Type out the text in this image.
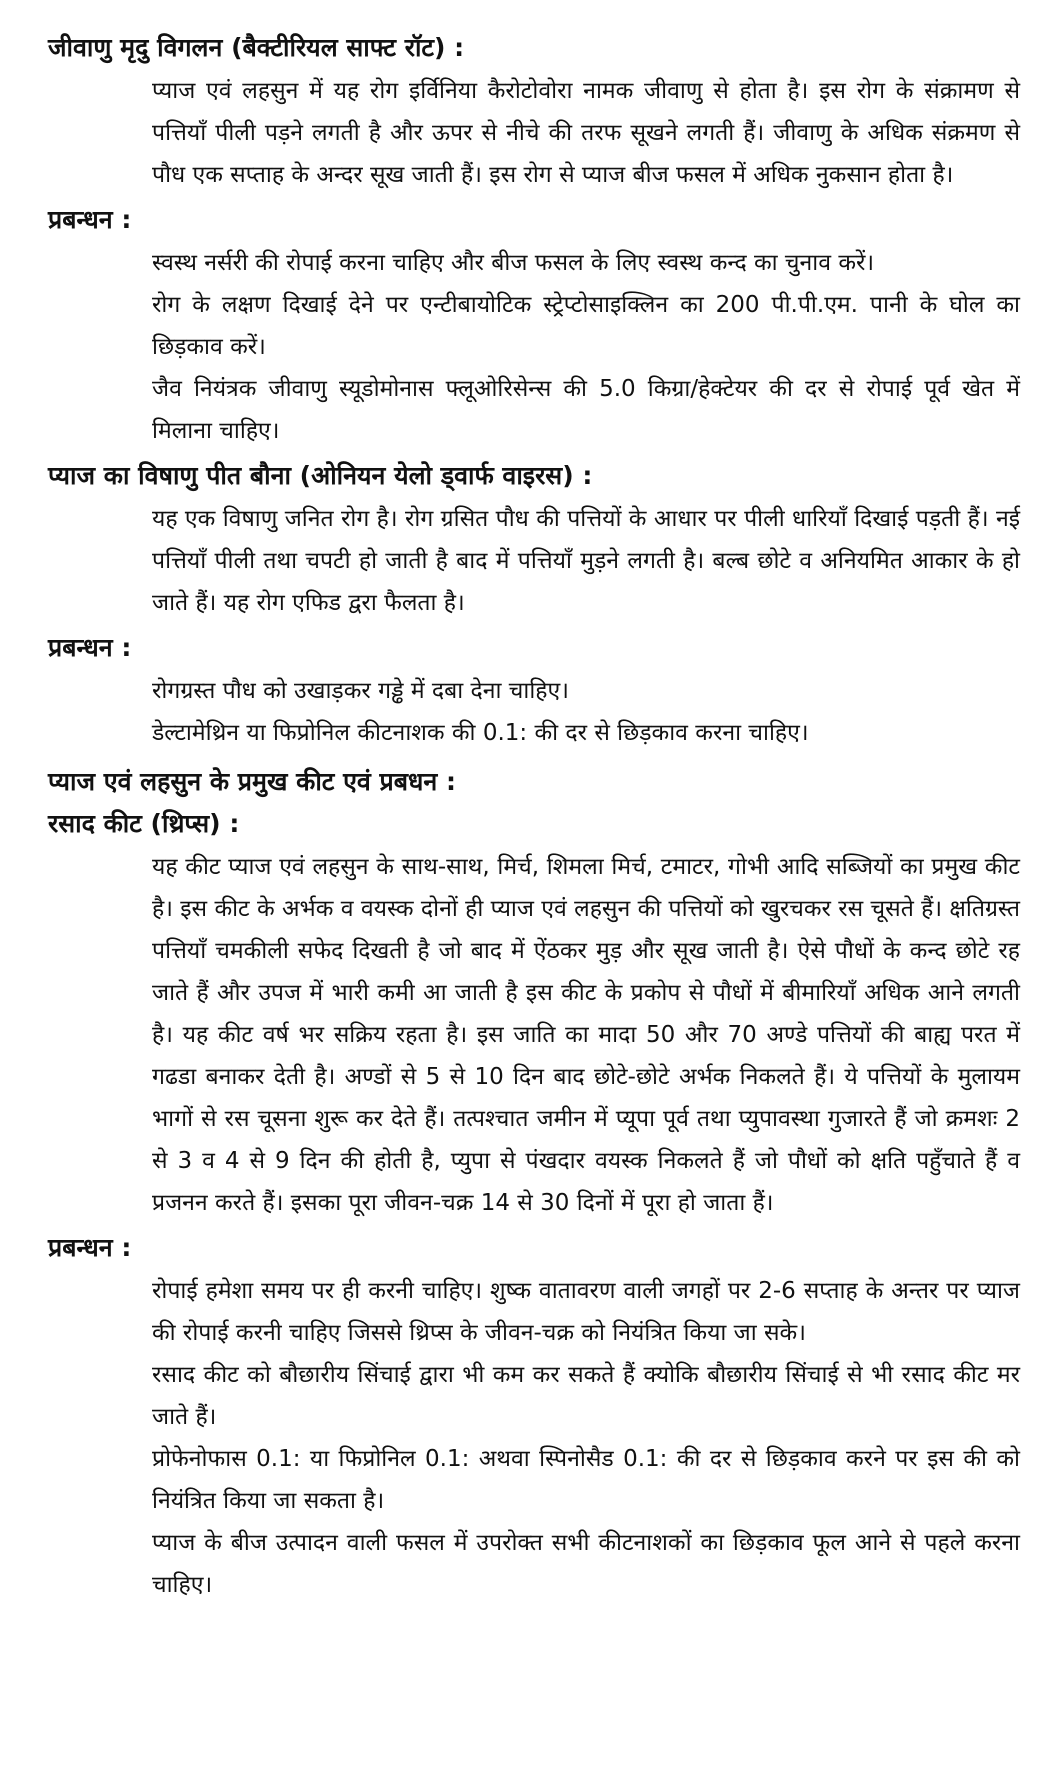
जीवाणु मृदु विगलन (बैक्टीरियल साफ्ट रॉट) :

प्याज एवं लहसुन में यह रोग इर्विनिया कैरोटोवोरा नामक जीवाणु से होता है। इस रोग के संक्रामण से पत्तियाँ पीली पड़ने लगती है और ऊपर से नीचे की तरफ सूखने लगती हैं। जीवाणु के अधिक संक्रमण से पौध एक सप्ताह के अन्दर सूख जाती हैं। इस रोग से प्याज बीज फसल में अधिक नुकसान होता है।

प्रबन्धन :

स्वस्थ नर्सरी की रोपाई करना चाहिए और बीज फसल के लिए स्वस्थ कन्द का चुनाव करें।

रोग के लक्षण दिखाई देने पर एन्टीबायोटिक स्ट्रेप्टोसाइक्लिन का 200 पी.पी.एम. पानी के घोल का छिड़काव करें।

जैव नियंत्रक जीवाणु स्यूडोमोनास फ्लूओरिसेन्स की 5.0 किग्रा/हेक्टेयर की दर से रोपाई पूर्व खेत में मिलाना चाहिए।

प्याज का विषाणु पीत बौना (ओनियन येलो ड्वार्फ वाइरस) :

यह एक विषाणु जनित रोग है। रोग ग्रसित पौध की पत्तियों के आधार पर पीली धारियाँ दिखाई पड़ती हैं। नई पत्तियाँ पीली तथा चपटी हो जाती है बाद में पत्तियाँ मुड़ने लगती है। बल्ब छोटे व अनियमित आकार के हो जाते हैं। यह रोग एफिड द्वरा फैलता है।

प्रबन्धन :

रोगग्रस्त पौध को उखाड़कर गड्ढे में दबा देना चाहिए।

डेल्टामेथ्रिन या फिप्रोनिल कीटनाशक की 0.1: की दर से छिड़काव करना चाहिए।

प्याज एवं लहसुन के प्रमुख कीट एवं प्रबधन :
रसाद कीट (थ्रिप्स) :

यह कीट प्याज एवं लहसुन के साथ-साथ, मिर्च, शिमला मिर्च, टमाटर, गोभी आदि सब्जियों का प्रमुख कीट है। इस कीट के अर्भक व वयस्क दोनों ही प्याज एवं लहसुन की पत्तियों को खुरचकर रस चूसते हैं। क्षतिग्रस्त पत्तियाँ चमकीली सफेद दिखती है जो बाद में ऐंठकर मुड़ और सूख जाती है। ऐसे पौधों के कन्द छोटे रह जाते हैं और उपज में भारी कमी आ जाती है इस कीट के प्रकोप से पौधों में बीमारियाँ अधिक आने लगती है। यह कीट वर्ष भर सक्रिय रहता है। इस जाति का मादा 50 और 70 अण्डे पत्तियों की बाह्य परत में गढडा बनाकर देती है। अण्डों से 5 से 10 दिन बाद छोटे-छोटे अर्भक निकलते हैं। ये पत्तियों के मुलायम भागों से रस चूसना शुरू कर देते हैं। तत्पश्चात जमीन में प्यूपा पूर्व तथा प्युपावस्था गुजारते हैं जो क्रमशः 2 से 3 व 4 से 9 दिन की होती है, प्युपा से पंखदार वयस्क निकलते हैं जो पौधों को क्षति पहुँचाते हैं व प्रजनन करते हैं। इसका पूरा जीवन-चक्र 14 से 30 दिनों में पूरा हो जाता हैं।

प्रबन्धन :

रोपाई हमेशा समय पर ही करनी चाहिए। शुष्क वातावरण वाली जगहों पर 2-6 सप्ताह के अन्तर पर प्याज की रोपाई करनी चाहिए जिससे थ्रिप्स के जीवन-चक्र को नियंत्रित किया जा सके।

रसाद कीट को बौछारीय सिंचाई द्वारा भी कम कर सकते हैं क्योकि बौछारीय सिंचाई से भी रसाद कीट मर जाते हैं।

प्रोफेनोफास 0.1: या फिप्रोनिल 0.1: अथवा स्पिनोसैड 0.1: की दर से छिड़काव करने पर इस की को नियंत्रित किया जा सकता है।

प्याज के बीज उत्पादन वाली फसल में उपरोक्त सभी कीटनाशकों का छिड़काव फूल आने से पहले करना चाहिए।
